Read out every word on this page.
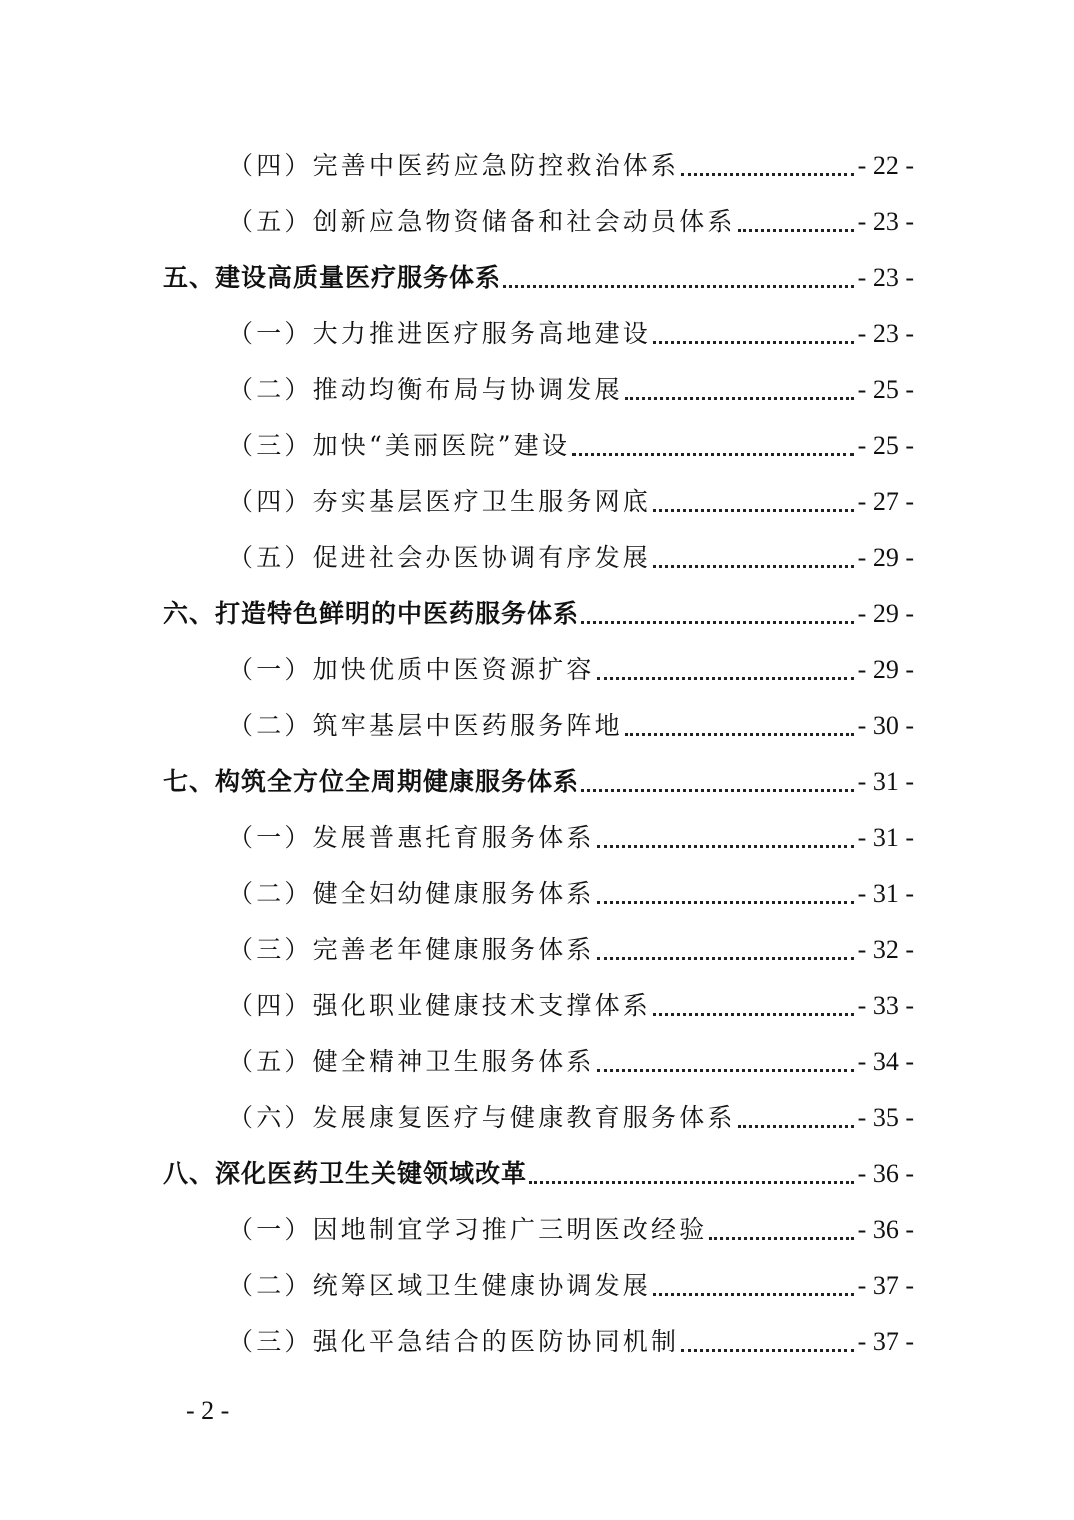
（四）完善中医药应急防控救治体系	- 22 -
（五）创新应急物资储备和社会动员体系	- 23 -
五、建设高质量医疗服务体系	- 23 -
（一）大力推进医疗服务高地建设	- 23 -
（二）推动均衡布局与协调发展	- 25 -
（三）加快“美丽医院”建设	- 25 -
（四）夯实基层医疗卫生服务网底	- 27 -
（五）促进社会办医协调有序发展	- 29 -
六、打造特色鲜明的中医药服务体系	- 29 -
（一）加快优质中医资源扩容	- 29 -
（二）筑牢基层中医药服务阵地	- 30 -
七、构筑全方位全周期健康服务体系	- 31 -
（一）发展普惠托育服务体系	- 31 -
（二）健全妇幼健康服务体系	- 31 -
（三）完善老年健康服务体系	- 32 -
（四）强化职业健康技术支撑体系	- 33 -
（五）健全精神卫生服务体系	- 34 -
（六）发展康复医疗与健康教育服务体系	- 35 -
八、深化医药卫生关键领域改革	- 36 -
（一）因地制宜学习推广三明医改经验	- 36 -
（二）统筹区域卫生健康协调发展	- 37 -
（三）强化平急结合的医防协同机制	- 37 -
- 2 -
